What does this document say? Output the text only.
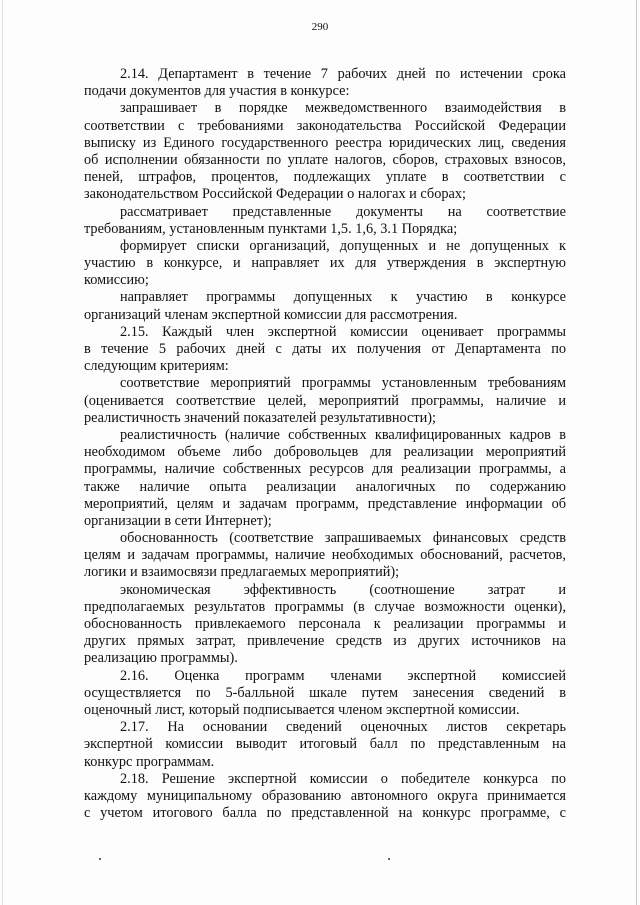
290
2.14. Департамент в течение 7 рабочих дней по истечении срока
подачи документов для участия в конкурсе:
запрашивает в порядке межведомственного взаимодействия в
соответствии с требованиями законодательства Российской Федерации
выписку из Единого государственного реестра юридических лиц, сведения
об исполнении обязанности по уплате налогов, сборов, страховых взносов,
пеней, штрафов, процентов, подлежащих уплате в соответствии с
законодательством Российской Федерации о налогах и сборах;
рассматривает представленные документы на соответствие
требованиям, установленным пунктами 1,5. 1,6, 3.1 Порядка;
формирует списки организаций, допущенных и не допущенных к
участию в конкурсе, и направляет их для утверждения в экспертную
комиссию;
направляет программы допущенных к участию в конкурсе
организаций членам экспертной комиссии для рассмотрения.
2.15. Каждый член экспертной комиссии оценивает программы
в течение 5 рабочих дней с даты их получения от Департамента по
следующим критериям:
соответствие мероприятий программы установленным требованиям
(оценивается соответствие целей, мероприятий программы, наличие и
реалистичность значений показателей результативности);
реалистичность (наличие собственных квалифицированных кадров в
необходимом объеме либо добровольцев для реализации мероприятий
программы, наличие собственных ресурсов для реализации программы, а
также наличие опыта реализации аналогичных по содержанию
мероприятий, целям и задачам программ, представление информации об
организации в сети Интернет);
обоснованность (соответствие запрашиваемых финансовых средств
целям и задачам программы, наличие необходимых обоснований, расчетов,
логики и взаимосвязи предлагаемых мероприятий);
экономическая эффективность (соотношение затрат и
предполагаемых результатов программы (в случае возможности оценки),
обоснованность привлекаемого персонала к реализации программы и
других прямых затрат, привлечение средств из других источников на
реализацию программы).
2.16. Оценка программ членами экспертной комиссией
осуществляется по 5-балльной шкале путем занесения сведений в
оценочный лист, который подписывается членом экспертной комиссии.
2.17. На основании сведений оценочных листов секретарь
экспертной комиссии выводит итоговый балл по представленным на
конкурс программам.
2.18. Решение экспертной комиссии о победителе конкурса по
каждому муниципальному образованию автономного округа принимается
с учетом итогового балла по представленной на конкурс программе, с
